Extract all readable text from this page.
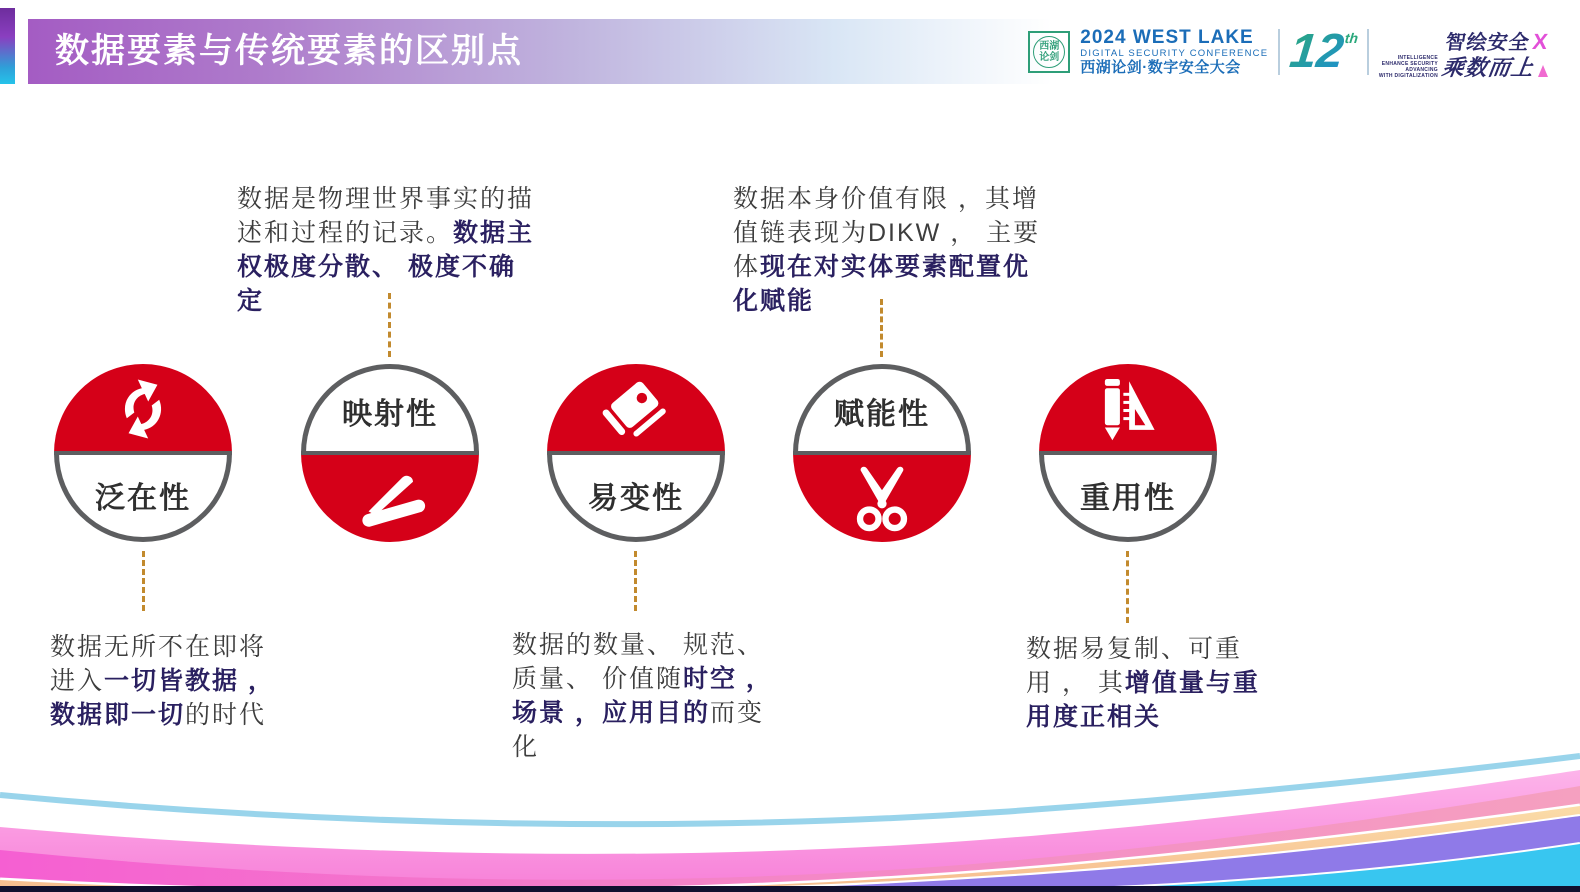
数据要素与传统要素的区别点	西湖论剑
2024 WEST LAKE
DIGITAL SECURITY CONFERENCE
西湖论剑·数字安全大会 12
th	智绘安全 X
INTELLIGENCE
ENHANCE SECURITY
ADVANCING
WITH DIGITALIZATION 乘数而上
泛在性
映射性
易变性
赋能性
重用性
数据无所不在即将进入一切皆教据 ，数据即一切的时代
数据是物理世界事实的描述和过程的记录。数据主权极度分散、 极度不确定
数据的数量、 规范、质量、 价值随时空 ，场景 ，应用目的而变化
数据本身价值有限 ，其增值链表现为DIKW ， 主要体现在对实体要素配置优化赋能
数据易复制、可重用 ， 其增值量与重用度正相关
